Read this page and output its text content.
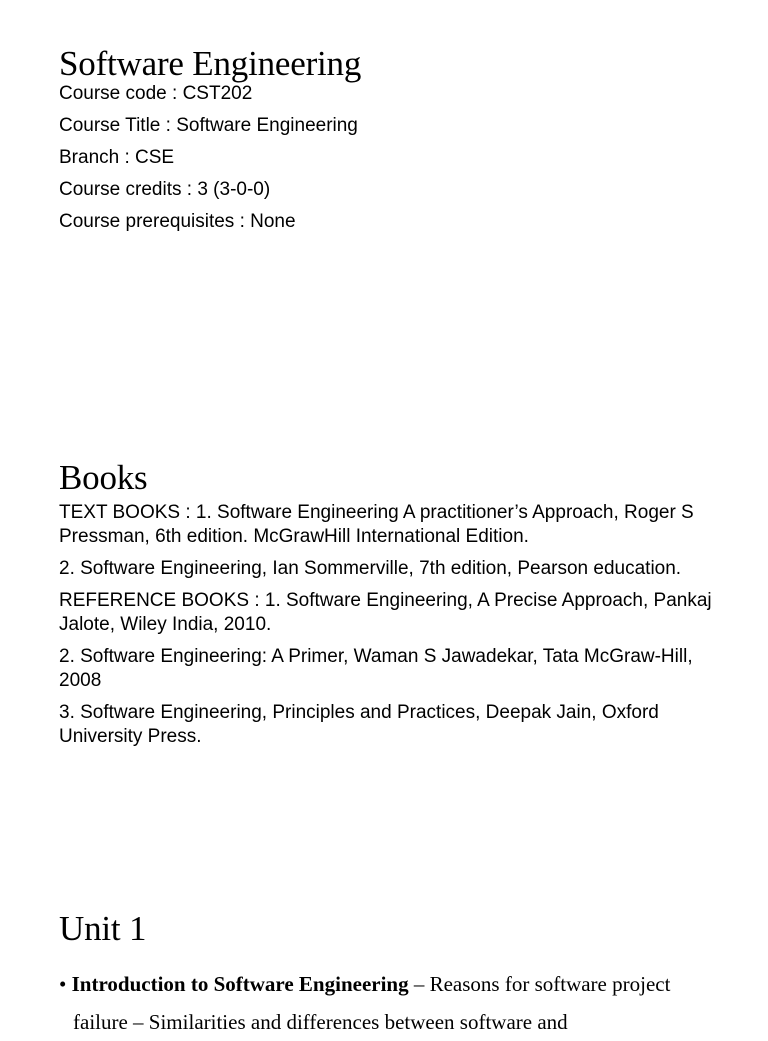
Software Engineering

Course code : CST202

Course Title : Software Engineering

Branch : CSE

Course credits : 3 (3-0-0)

Course prerequisites : None

Books

TEXT BOOKS : 1. Software Engineering A practitioner’s Approach, Roger S Pressman, 6th edition. McGrawHill International Edition.

2. Software Engineering, Ian Sommerville, 7th edition, Pearson education.

REFERENCE BOOKS : 1. Software Engineering, A Precise Approach, Pankaj Jalote, Wiley India, 2010.

2. Software Engineering: A Primer, Waman S Jawadekar, Tata McGraw-Hill, 2008

3. Software Engineering, Principles and Practices, Deepak Jain, Oxford University Press.

Unit 1

• Introduction to Software Engineering – Reasons for software project failure – Similarities and differences between software and
